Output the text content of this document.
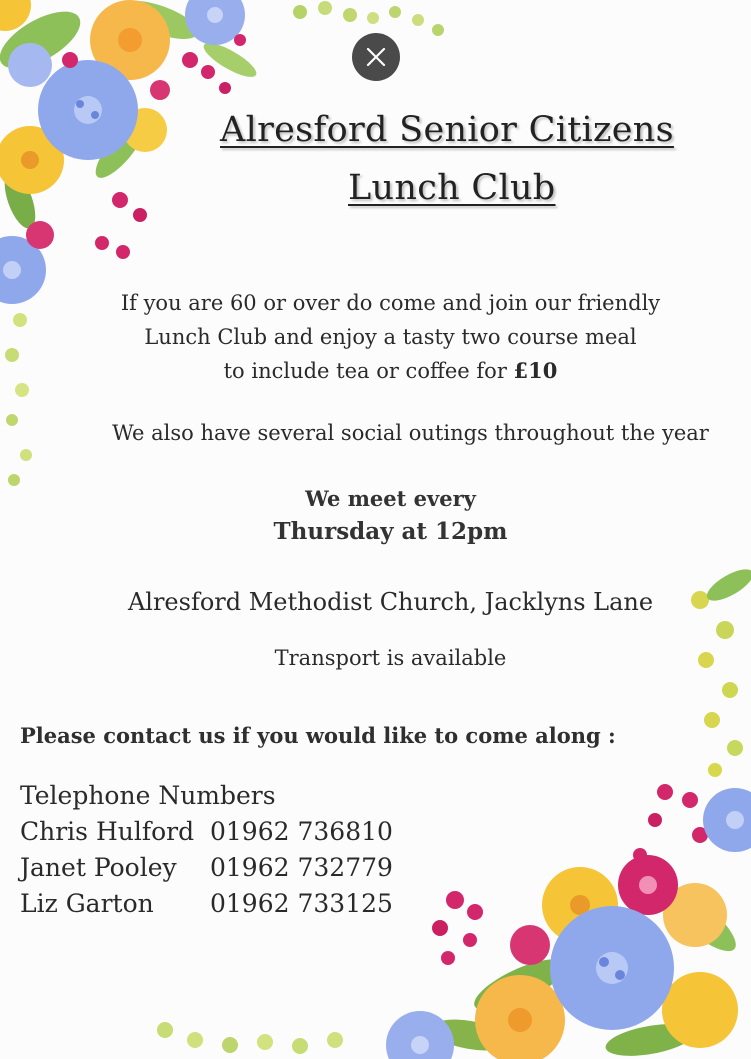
Alresford Senior Citizens
Lunch Club
If you are 60 or over do come and join our friendly
Lunch Club and enjoy a tasty two course meal
to include tea or coffee for £10
We also have several social outings throughout the year
We meet every
Thursday at 12pm
Alresford Methodist Church, Jacklyns Lane
Transport is available
Please contact us if you would like to come along :
Telephone Numbers
Chris Hulford 01962 736810
Janet Pooley	01962 732779
Liz Garton	01962 733125
